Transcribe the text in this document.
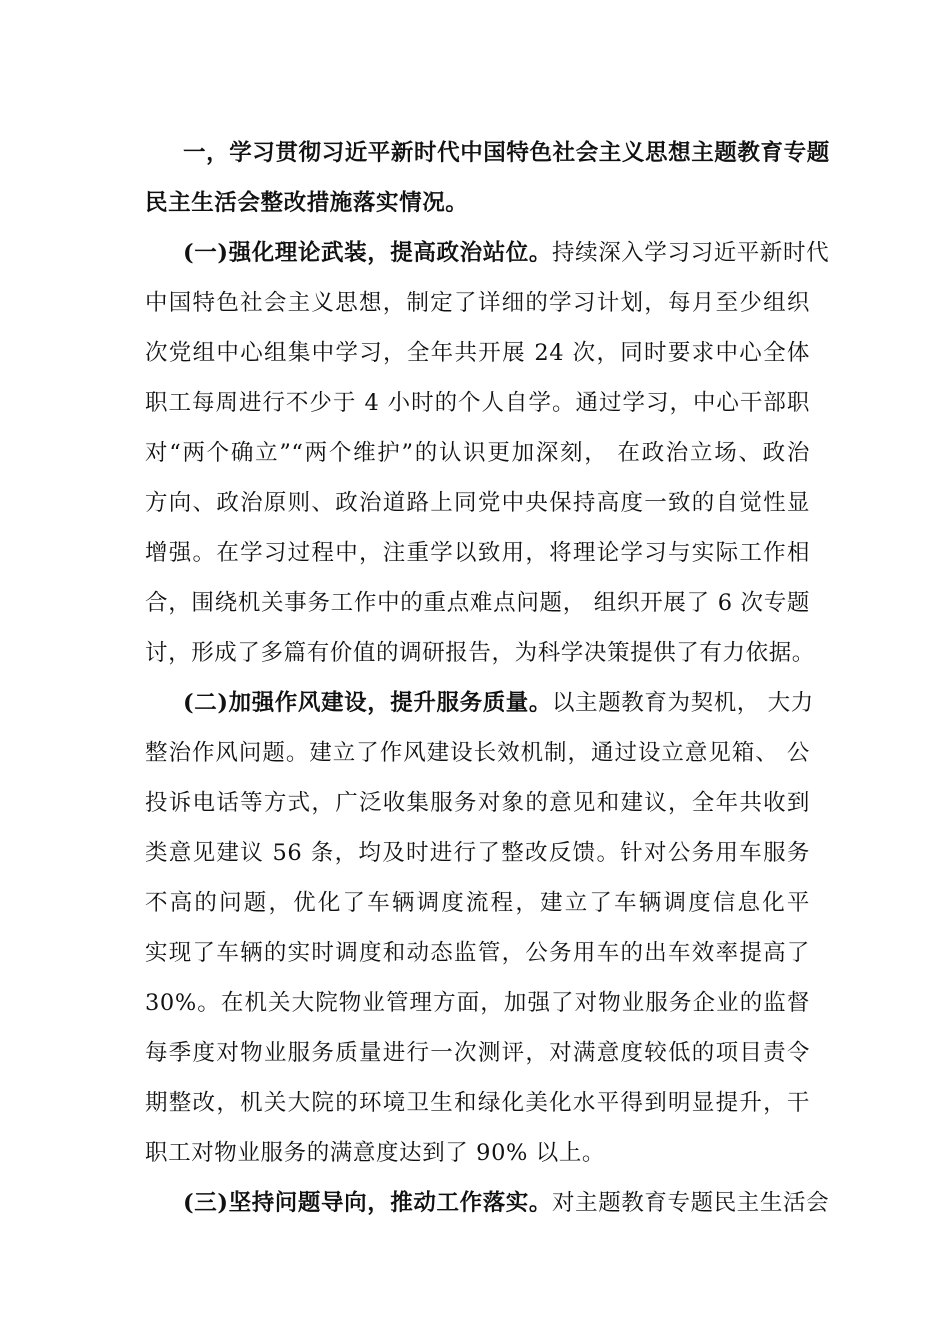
一，学习贯彻习近平新时代中国特色社会主义思想主题教育专题
民主生活会整改措施落实情况。
(一)强化理论武装，提高政治站位。持续深入学习习近平新时代
中国特色社会主义思想，制定了详细的学习计划，每月至少组织
次党组中心组集中学习，全年共开展 24 次，同时要求中心全体
职工每周进行不少于 4 小时的个人自学。通过学习，中心干部职
对“两个确立”“两个维护”的认识更加深刻， 在政治立场、政治
方向、政治原则、政治道路上同党中央保持高度一致的自觉性显
增强。在学习过程中，注重学以致用，将理论学习与实际工作相
合，围绕机关事务工作中的重点难点问题， 组织开展了 6 次专题
讨，形成了多篇有价值的调研报告，为科学决策提供了有力依据。
(二)加强作风建设，提升服务质量。以主题教育为契机， 大力
整治作风问题。建立了作风建设长效机制，通过设立意见箱、 公
投诉电话等方式，广泛收集服务对象的意见和建议，全年共收到
类意见建议 56 条，均及时进行了整改反馈。针对公务用车服务
不高的问题，优化了车辆调度流程，建立了车辆调度信息化平
实现了车辆的实时调度和动态监管，公务用车的出车效率提高了
30%。在机关大院物业管理方面，加强了对物业服务企业的监督
每季度对物业服务质量进行一次测评，对满意度较低的项目责令
期整改，机关大院的环境卫生和绿化美化水平得到明显提升，干
职工对物业服务的满意度达到了 90% 以上。
(三)坚持问题导向，推动工作落实。对主题教育专题民主生活会
